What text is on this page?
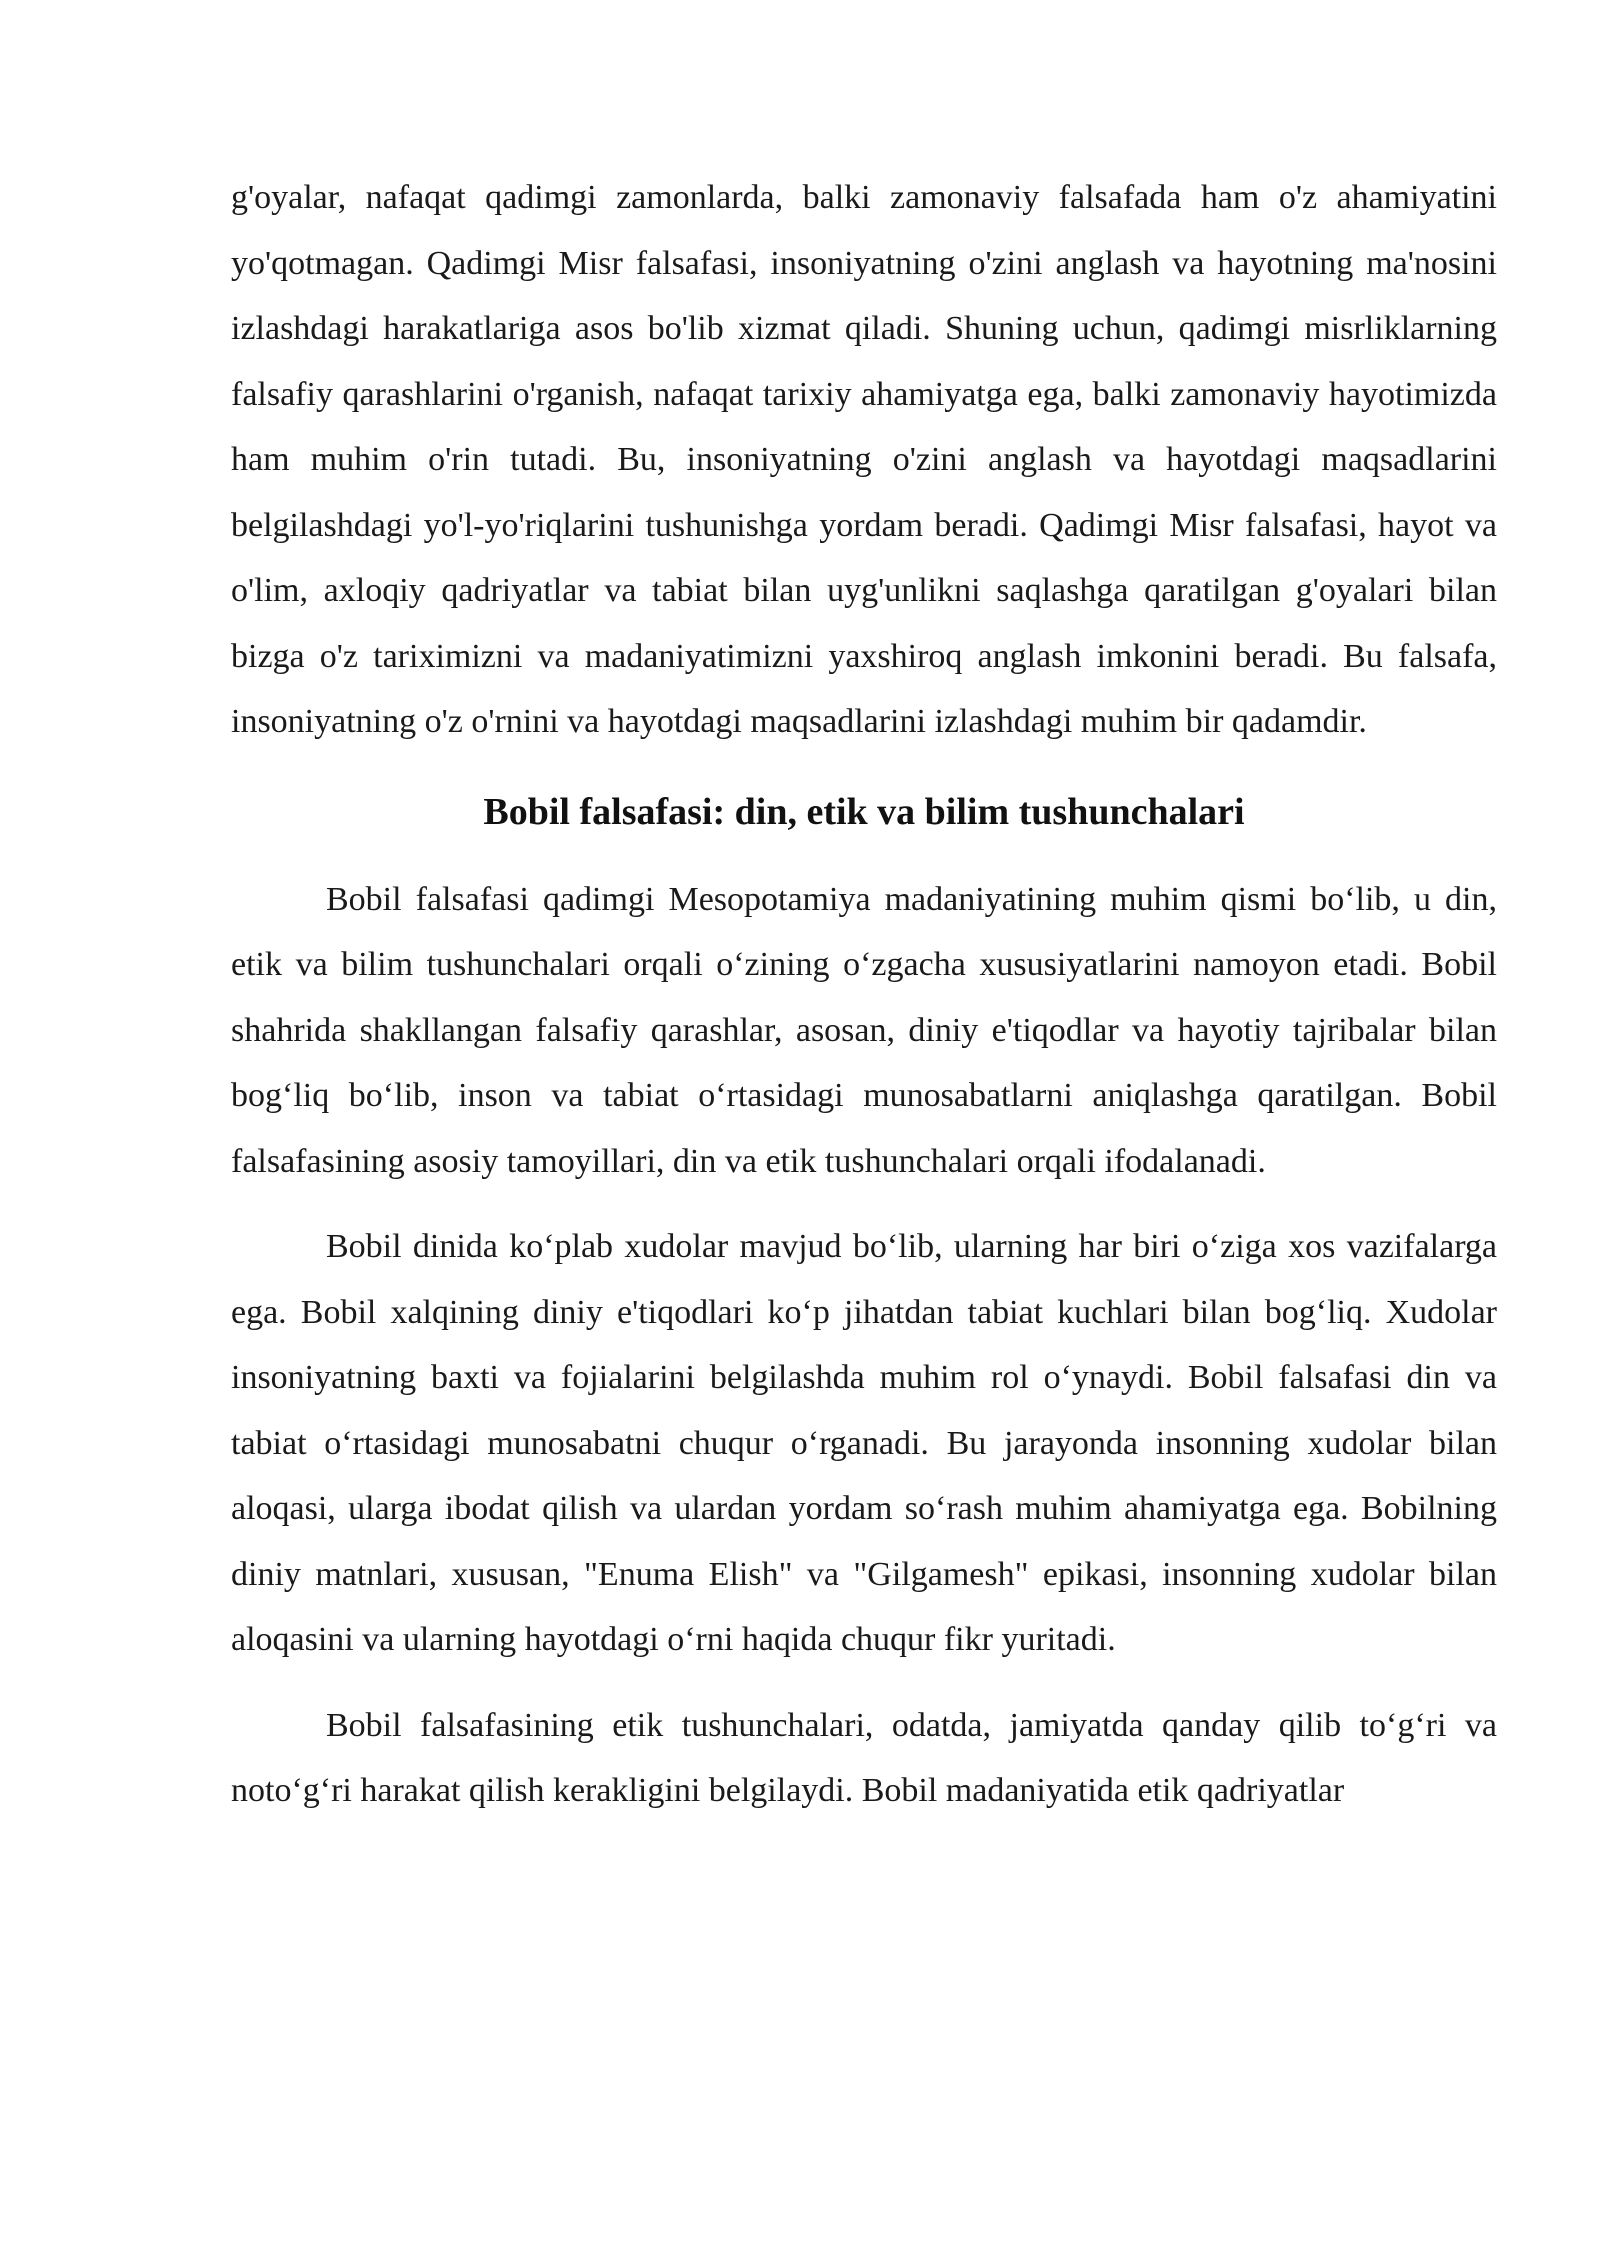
g'oyalar, nafaqat qadimgi zamonlarda, balki zamonaviy falsafada ham o'z ahamiyatini yo'qotmagan. Qadimgi Misr falsafasi, insoniyatning o'zini anglash va hayotning ma'nosini izlashdagi harakatlariga asos bo'lib xizmat qiladi. Shuning uchun, qadimgi misrliklarning falsafiy qarashlarini o'rganish, nafaqat tarixiy ahamiyatga ega, balki zamonaviy hayotimizda ham muhim o'rin tutadi. Bu, insoniyatning o'zini anglash va hayotdagi maqsadlarini belgilashdagi yo'l-yo'riqlarini tushunishga yordam beradi. Qadimgi Misr falsafasi, hayot va o'lim, axloqiy qadriyatlar va tabiat bilan uyg'unlikni saqlashga qaratilgan g'oyalari bilan bizga o'z tariximizni va madaniyatimizni yaxshiroq anglash imkonini beradi. Bu falsafa, insoniyatning o'z o'rnini va hayotdagi maqsadlarini izlashdagi muhim bir qadamdir.

Bobil falsafasi: din, etik va bilim tushunchalari

Bobil falsafasi qadimgi Mesopotamiya madaniyatining muhim qismi boʻlib, u din, etik va bilim tushunchalari orqali oʻzining oʻzgacha xususiyatlarini namoyon etadi. Bobil shahrida shakllangan falsafiy qarashlar, asosan, diniy e'tiqodlar va hayotiy tajribalar bilan bogʻliq boʻlib, inson va tabiat oʻrtasidagi munosabatlarni aniqlashga qaratilgan. Bobil falsafasining asosiy tamoyillari, din va etik tushunchalari orqali ifodalanadi.

Bobil dinida koʻplab xudolar mavjud boʻlib, ularning har biri oʻziga xos vazifalarga ega. Bobil xalqining diniy e'tiqodlari koʻp jihatdan tabiat kuchlari bilan bogʻliq. Xudolar insoniyatning baxti va fojialarini belgilashda muhim rol oʻynaydi. Bobil falsafasi din va tabiat oʻrtasidagi munosabatni chuqur oʻrganadi. Bu jarayonda insonning xudolar bilan aloqasi, ularga ibodat qilish va ulardan yordam soʻrash muhim ahamiyatga ega. Bobilning diniy matnlari, xususan, "Enuma Elish" va "Gilgamesh" epikasi, insonning xudolar bilan aloqasini va ularning hayotdagi oʻrni haqida chuqur fikr yuritadi.

Bobil falsafasining etik tushunchalari, odatda, jamiyatda qanday qilib toʻgʻri va notoʻgʻri harakat qilish kerakligini belgilaydi. Bobil madaniyatida etik qadriyatlar
